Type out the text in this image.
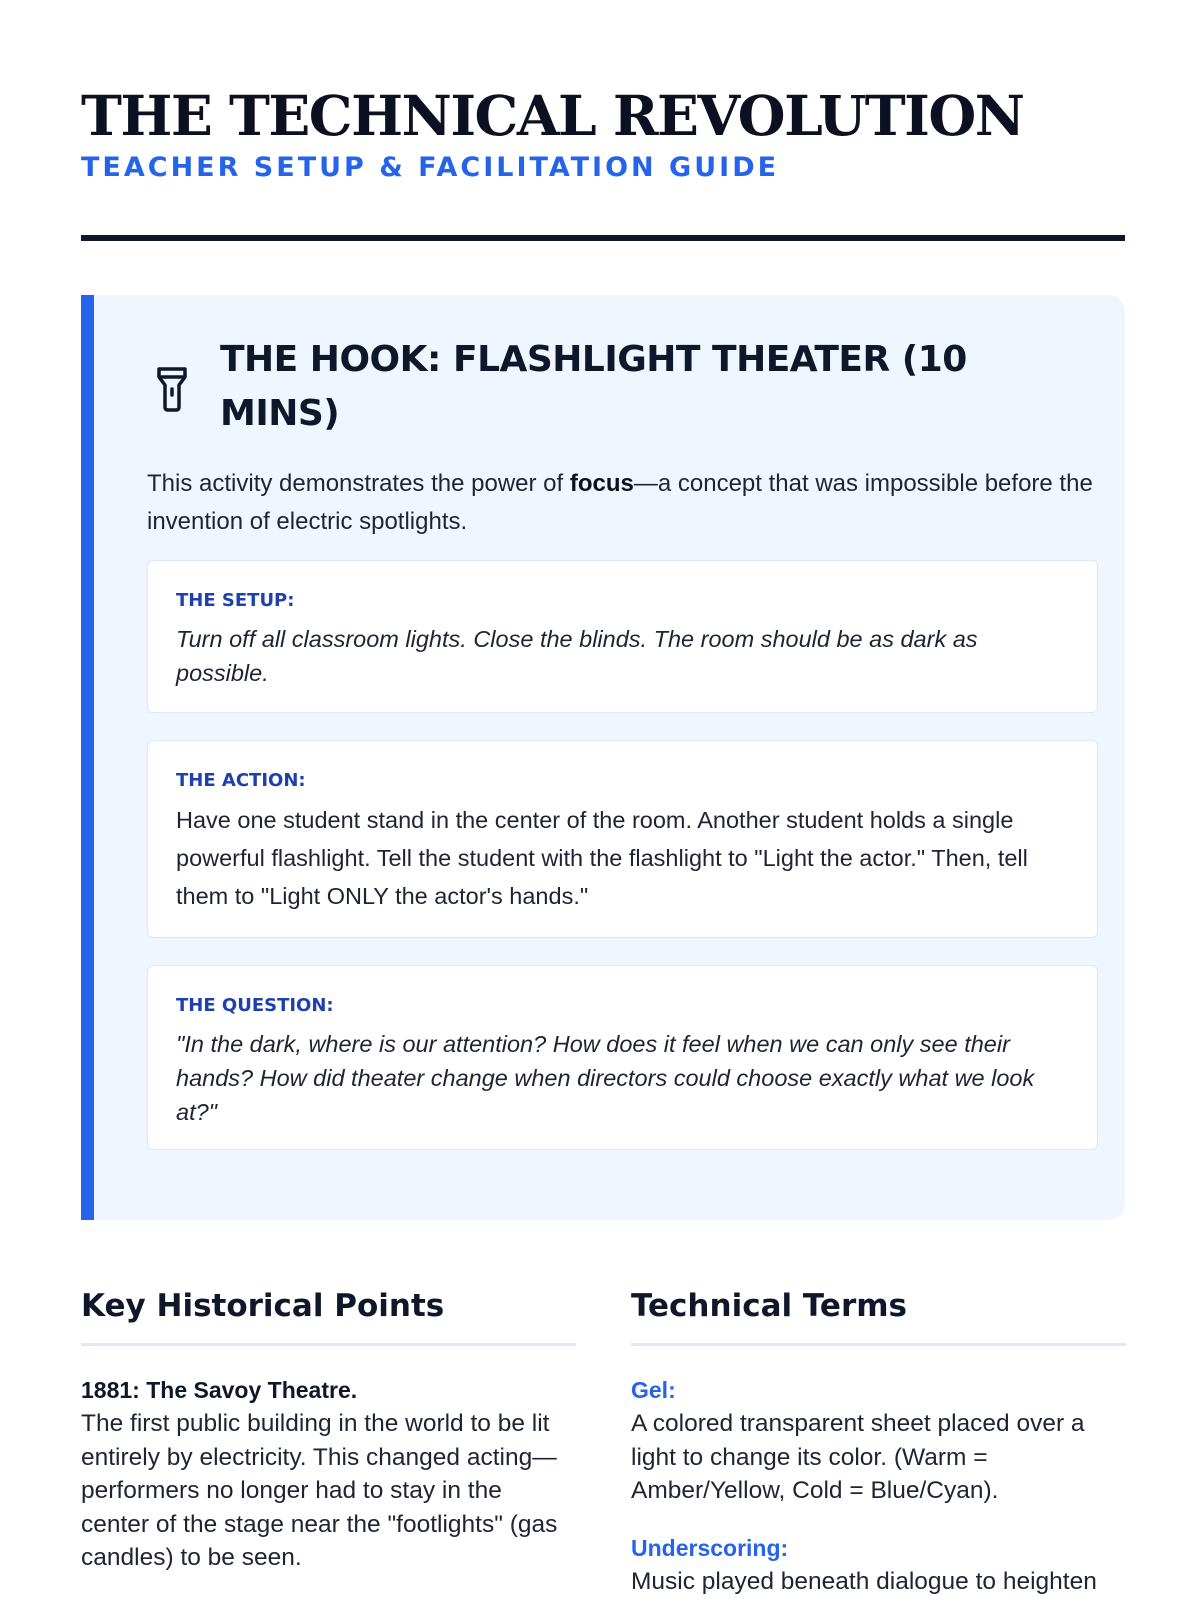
THE TECHNICAL REVOLUTION
TEACHER SETUP & FACILITATION GUIDE
THE HOOK: FLASHLIGHT THEATER (10 MINS)

This activity demonstrates the power of focus—a concept that was impossible before the invention of electric spotlights.

THE SETUP:

Turn off all classroom lights. Close the blinds. The room should be as dark as possible.

THE ACTION:

Have one student stand in the center of the room. Another student holds a single powerful flashlight. Tell the student with the flashlight to "Light the actor." Then, tell them to "Light ONLY the actor's hands."

THE QUESTION:

"In the dark, where is our attention? How does it feel when we can only see their hands? How did theater change when directors could choose exactly what we look at?"

Key Historical Points

1881: The Savoy Theatre.

The first public building in the world to be lit entirely by electricity. This changed acting—performers no longer had to stay in the center of the stage near the "footlights" (gas candles) to be seen.

Technical Terms

Gel:

A colored transparent sheet placed over a light to change its color. (Warm = Amber/Yellow, Cold = Blue/Cyan).

Underscoring:

Music played beneath dialogue to heighten
